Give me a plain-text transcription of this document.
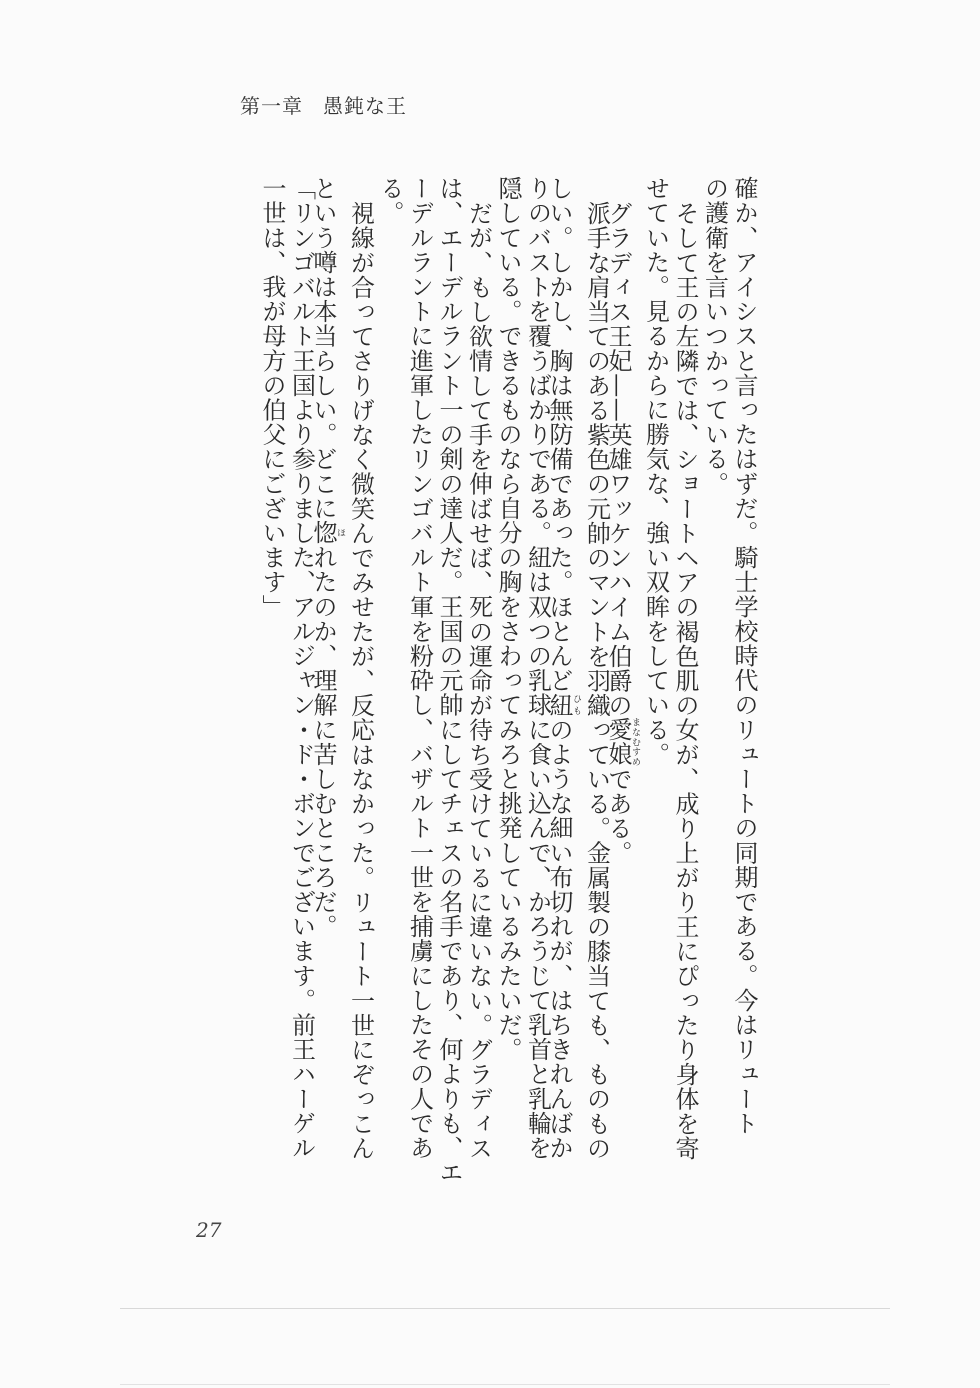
第一章 愚鈍な王
確か、アイシスと言ったはずだ。騎士学校時代のリュートの同期である。今はリュート
の護衛を言いつかっている。
そして王の左隣では、ショートヘアの褐色肌の女が、成り上がり王にぴったり身体を寄
せていた。見るからに勝気な、強い双眸をしている。
グラディス王妃——英雄ワッケンハイム伯爵の愛娘まなむすめである。
派手な肩当てのある紫色の元帥のマントを羽織っている。金属製の膝当ても、ものもの
しい。しかし、胸は無防備であった。ほとんど紐ひものような細い布切れが、はちきれんばか
りのバストを覆うばかりである。紐は双つの乳球に食い込んで、かろうじて乳首と乳輪を
隠している。できるものなら自分の胸をさわってみろと挑発しているみたいだ。
だが、もし欲情して手を伸ばせば、死の運命が待ち受けているに違いない。グラディス
は、エーデルラント一の剣の達人だ。王国の元帥にしてチェスの名手であり、何よりも、エ
ーデルラントに進軍したリンゴバルト軍を粉砕し、バザルト一世を捕虜にしたその人であ
る。
視線が合ってさりげなく微笑んでみせたが、反応はなかった。リュート一世にぞっこん
という噂は本当らしい。どこに惚ほれたのか、理解に苦しむところだ。
「リンゴバルト王国より参りました、アルジャン・ド・ボンでございます。前王ハーゲル
一世は、我が母方の伯父にございます」
27
